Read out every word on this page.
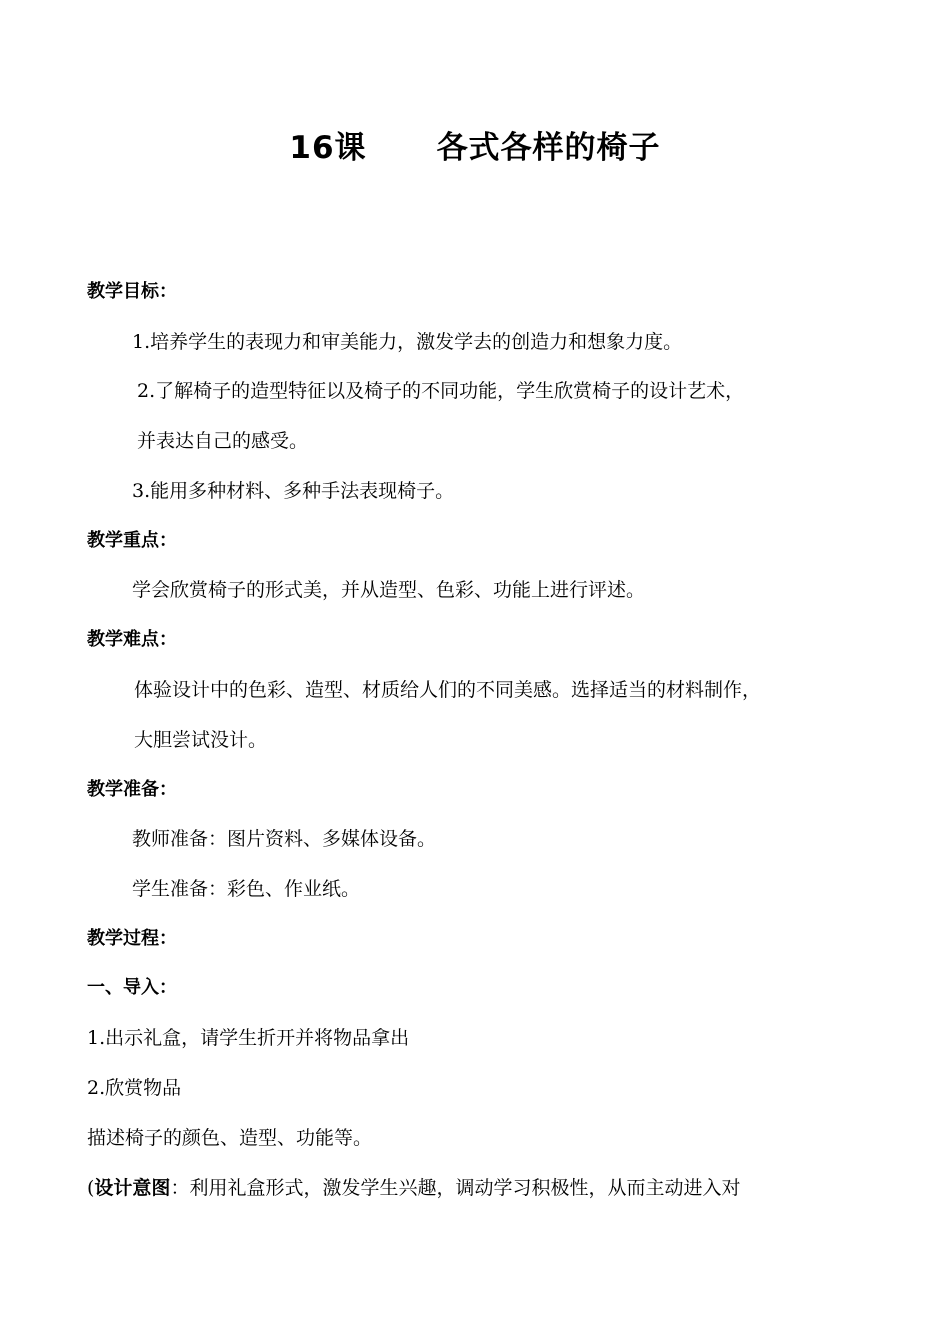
16课 各式各样的椅子
教学目标：
1.培养学生的表现力和审美能力，激发学去的创造力和想象力度。
2.了解椅子的造型特征以及椅子的不同功能，学生欣赏椅子的设计艺术，
并表达自己的感受。
3.能用多种材料、多种手法表现椅子。
教学重点：
学会欣赏椅子的形式美，并从造型、色彩、功能上进行评述。
教学难点：
体验设计中的色彩、造型、材质给人们的不同美感。选择适当的材料制作，
大胆尝试没计。
教学准备：
教师准备：图片资料、多媒体设备。
学生准备：彩色、作业纸。
教学过程：
一、导入：
1.出示礼盒，请学生折开并将物品拿出
2.欣赏物品
描述椅子的颜色、造型、功能等。
(设计意图：利用礼盒形式，激发学生兴趣，调动学习积极性，从而主动进入对
